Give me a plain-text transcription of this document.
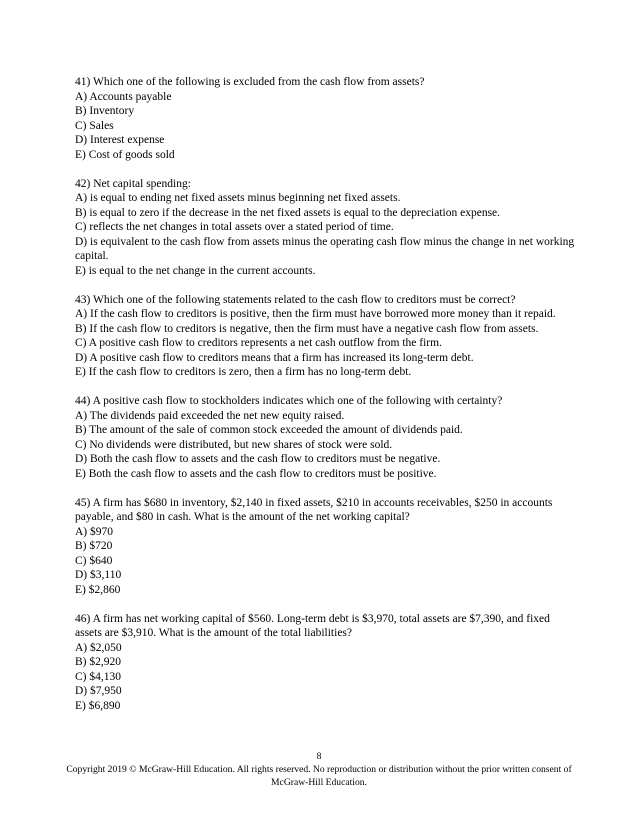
41) Which one of the following is excluded from the cash flow from assets?
A) Accounts payable
B) Inventory
C) Sales
D) Interest expense
E) Cost of goods sold
42) Net capital spending:
A) is equal to ending net fixed assets minus beginning net fixed assets.
B) is equal to zero if the decrease in the net fixed assets is equal to the depreciation expense.
C) reflects the net changes in total assets over a stated period of time.
D) is equivalent to the cash flow from assets minus the operating cash flow minus the change in net working capital.
E) is equal to the net change in the current accounts.
43) Which one of the following statements related to the cash flow to creditors must be correct?
A) If the cash flow to creditors is positive, then the firm must have borrowed more money than it repaid.
B) If the cash flow to creditors is negative, then the firm must have a negative cash flow from assets.
C) A positive cash flow to creditors represents a net cash outflow from the firm.
D) A positive cash flow to creditors means that a firm has increased its long-term debt.
E) If the cash flow to creditors is zero, then a firm has no long-term debt.
44) A positive cash flow to stockholders indicates which one of the following with certainty?
A) The dividends paid exceeded the net new equity raised.
B) The amount of the sale of common stock exceeded the amount of dividends paid.
C) No dividends were distributed, but new shares of stock were sold.
D) Both the cash flow to assets and the cash flow to creditors must be negative.
E) Both the cash flow to assets and the cash flow to creditors must be positive.
45) A firm has $680 in inventory, $2,140 in fixed assets, $210 in accounts receivables, $250 in accounts payable, and $80 in cash. What is the amount of the net working capital?
A) $970
B) $720
C) $640
D) $3,110
E) $2,860
46) A firm has net working capital of $560. Long-term debt is $3,970, total assets are $7,390, and fixed assets are $3,910. What is the amount of the total liabilities?
A) $2,050
B) $2,920
C) $4,130
D) $7,950
E) $6,890
8
Copyright 2019 © McGraw-Hill Education. All rights reserved. No reproduction or distribution without the prior written consent of McGraw-Hill Education.
